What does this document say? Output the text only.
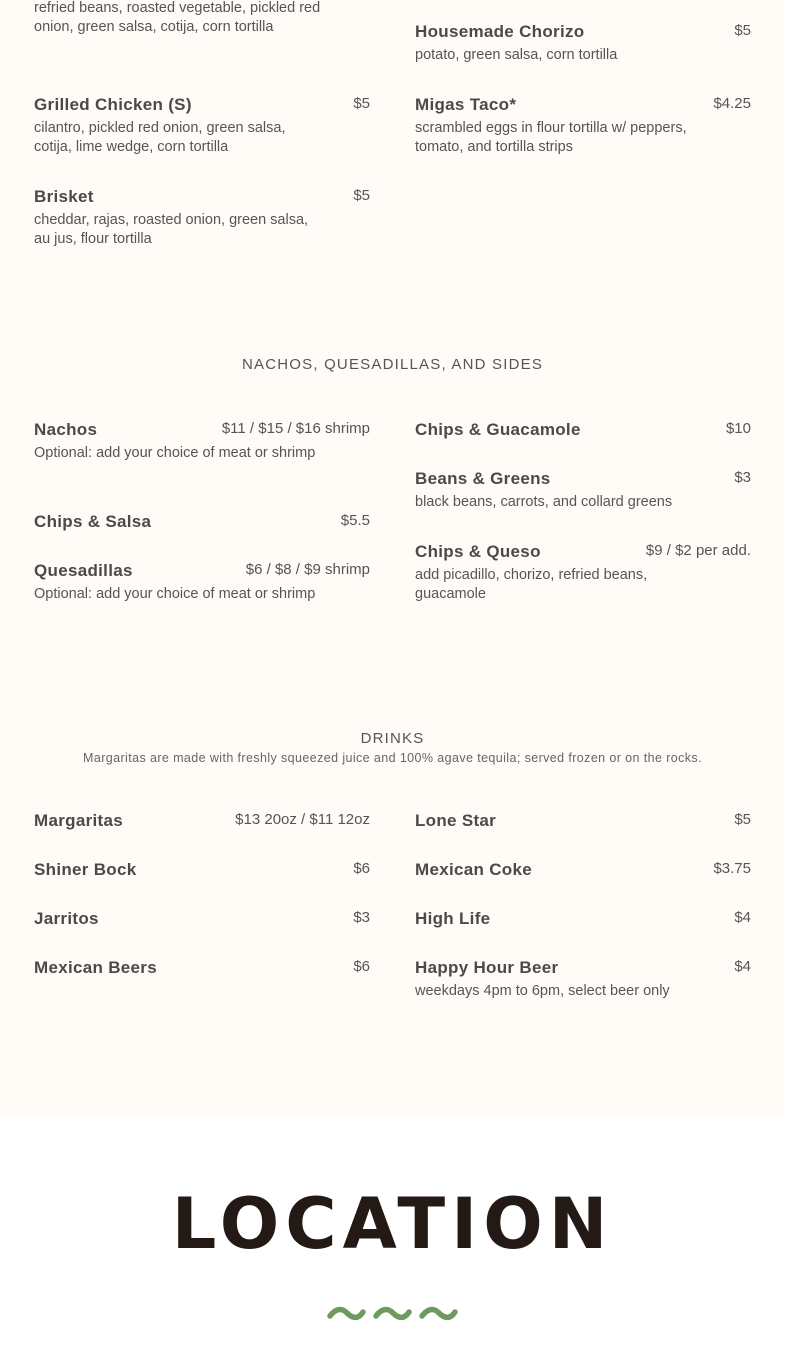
refried beans, roasted vegetable, pickled red onion, green salsa, cotija, corn tortilla
Grilled Chicken (S)	$5
cilantro, pickled red onion, green salsa, cotija, lime wedge, corn tortilla
Brisket	$5
cheddar, rajas, roasted onion, green salsa, au jus, flour tortilla
Housemade Chorizo	$5
potato, green salsa, corn tortilla
Migas Taco*	$4.25
scrambled eggs in flour tortilla w/ peppers, tomato, and tortilla strips
NACHOS, QUESADILLAS, AND SIDES
Nachos	$11 / $15 / $16 shrimp
Optional: add your choice of meat or shrimp
Chips & Salsa	$5.5
Quesadillas	$6 / $8 / $9 shrimp
Optional: add your choice of meat or shrimp
Chips & Guacamole	$10
Beans & Greens	$3
black beans, carrots, and collard greens
Chips & Queso	$9 / $2 per add.
add picadillo, chorizo, refried beans, guacamole
DRINKS
Margaritas are made with freshly squeezed juice and 100% agave tequila; served frozen or on the rocks.
Margaritas	$13 20oz / $11 12oz
Shiner Bock	$6
Jarritos	$3
Mexican Beers	$6
Lone Star	$5
Mexican Coke	$3.75
High Life	$4
Happy Hour Beer	$4
weekdays 4pm to 6pm, select beer only
LOCATION
